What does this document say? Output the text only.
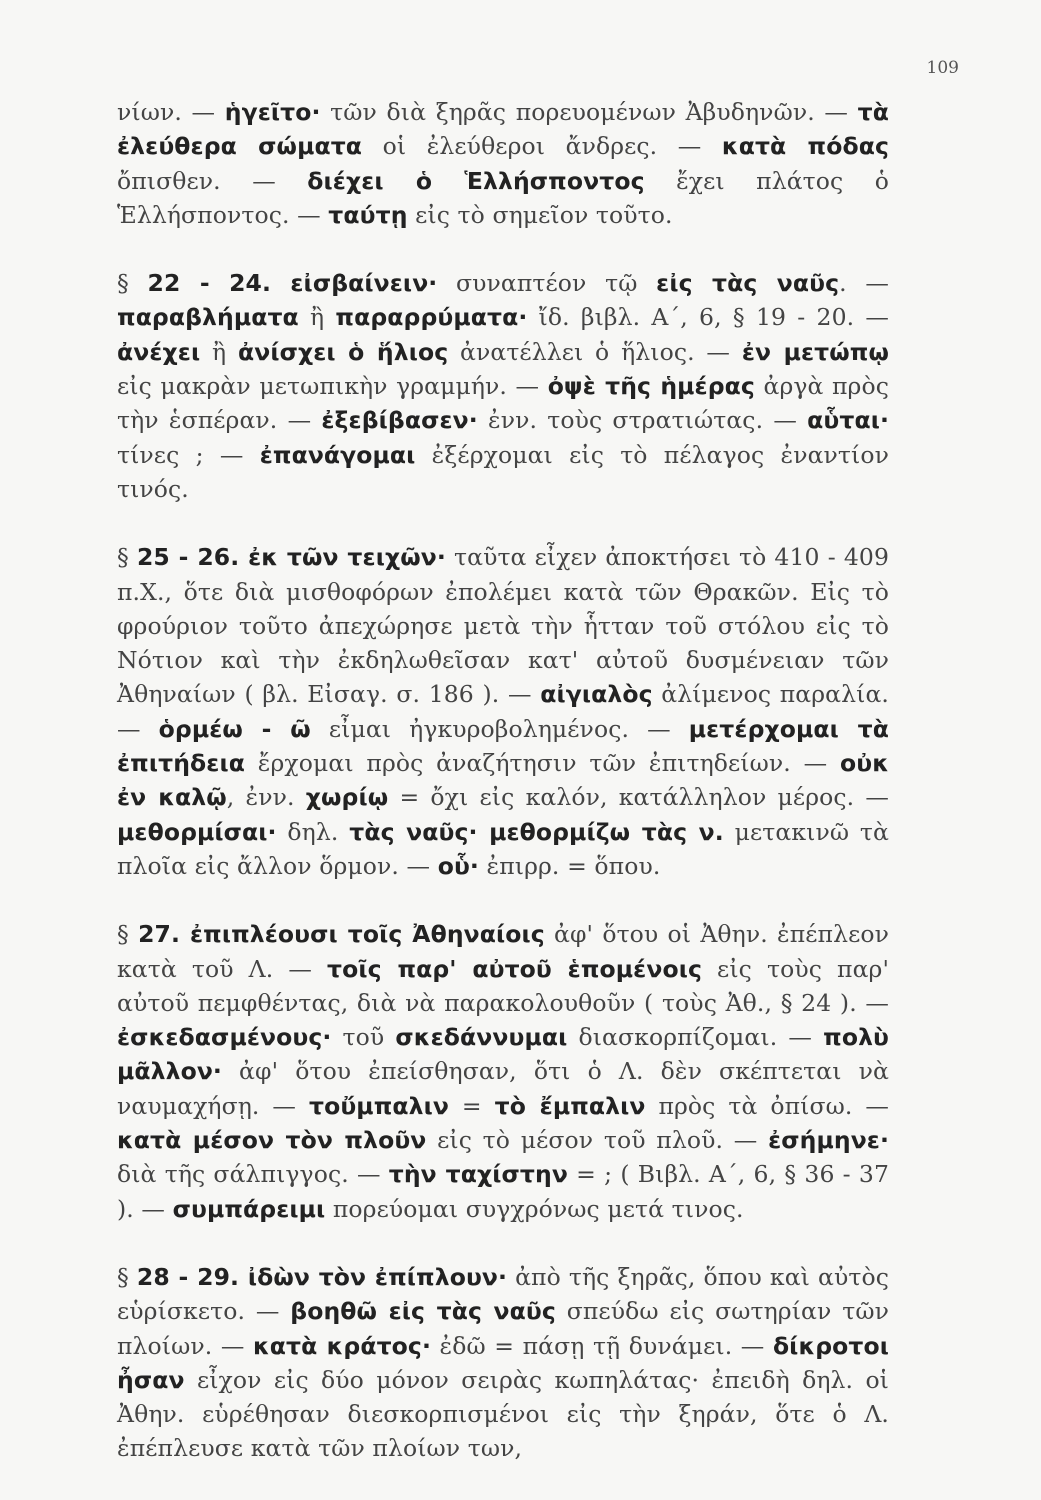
109

νίων. — ἡγεῖτο· τῶν διὰ ξηρᾶς πορευομένων Ἀβυδηνῶν. — τὰ ἐλεύθερα σώματα οἱ ἐλεύθεροι ἄνδρες. — κατὰ πόδας ὄπισθεν. — διέχει ὁ Ἑλλήσποντος ἔχει πλάτος ὁ Ἑλλήσποντος. — ταύτῃ εἰς τὸ σημεῖον τοῦτο.

§ 22 - 24. εἰσβαίνειν· συναπτέον τῷ εἰς τὰς ναῦς. — παραβλήματα ἢ παραρρύματα· ἴδ. βιβλ. Α΄, 6, § 19 - 20. — ἀνέχει ἢ ἀνίσχει ὁ ἥλιος ἀνατέλλει ὁ ἥλιος. — ἐν μετώπῳ εἰς μακρὰν μετωπικὴν γραμμήν. — ὀψὲ τῆς ἡμέρας ἀργὰ πρὸς τὴν ἑσπέραν. — ἐξεβίβασεν· ἐνν. τοὺς στρατιώτας. — αὗται· τίνες ; — ἐπανάγομαι ἐξέρχομαι εἰς τὸ πέλαγος ἐναντίον τινός.

§ 25 - 26. ἐκ τῶν τειχῶν· ταῦτα εἶχεν ἀποκτήσει τὸ 410 - 409 π.Χ., ὅτε διὰ μισθοφόρων ἐπολέμει κατὰ τῶν Θρακῶν. Εἰς τὸ φρούριον τοῦτο ἀπεχώρησε μετὰ τὴν ἧτταν τοῦ στόλου εἰς τὸ Νότιον καὶ τὴν ἐκδηλωθεῖσαν κατ' αὐτοῦ δυσμένειαν τῶν Ἀθηναίων ( βλ. Εἰσαγ. σ. 186 ). — αἰγιαλὸς ἀλίμενος παραλία. — ὁρμέω - ῶ εἶμαι ἠγκυροβολημένος. — μετέρχομαι τὰ ἐπιτήδεια ἔρχομαι πρὸς ἀναζήτησιν τῶν ἐπιτηδείων. — οὐκ ἐν καλῷ, ἐνν. χωρίῳ = ὄχι εἰς καλόν, κατάλληλον μέρος. — μεθορμίσαι· δηλ. τὰς ναῦς· μεθορμίζω τὰς ν. μετακινῶ τὰ πλοῖα εἰς ἄλλον ὅρμον. — οὗ· ἐπιρρ. = ὅπου.

§ 27. ἐπιπλέουσι τοῖς Ἀθηναίοις ἀφ' ὅτου οἱ Ἀθην. ἐπέπλεον κατὰ τοῦ Λ. — τοῖς παρ' αὐτοῦ ἑπομένοις εἰς τοὺς παρ' αὐτοῦ πεμφθέντας, διὰ νὰ παρακολουθοῦν ( τοὺς Ἀθ., § 24 ). — ἐσκεδασμένους· τοῦ σκεδάννυμαι διασκορπίζομαι. — πολὺ μᾶλλον· ἀφ' ὅτου ἐπείσθησαν, ὅτι ὁ Λ. δὲν σκέπτεται νὰ ναυμαχήσῃ. — τοὔμπαλιν = τὸ ἔμπαλιν πρὸς τὰ ὀπίσω. — κατὰ μέσον τὸν πλοῦν εἰς τὸ μέσον τοῦ πλοῦ. — ἐσήμηνε· διὰ τῆς σάλπιγγος. — τὴν ταχίστην = ; ( Βιβλ. Α΄, 6, § 36 - 37 ). — συμπάρειμι πορεύομαι συγχρόνως μετά τινος.

§ 28 - 29. ἰδὼν τὸν ἐπίπλουν· ἀπὸ τῆς ξηρᾶς, ὅπου καὶ αὐτὸς εὑρίσκετο. — βοηθῶ εἰς τὰς ναῦς σπεύδω εἰς σωτηρίαν τῶν πλοίων. — κατὰ κράτος· ἐδῶ = πάσῃ τῇ δυνάμει. — δίκροτοι ἦσαν εἶχον εἰς δύο μόνον σειρὰς κωπηλάτας· ἐπειδὴ δηλ. οἱ Ἀθην. εὑρέθησαν διεσκορπισμένοι εἰς τὴν ξηράν, ὅτε ὁ Λ. ἐπέπλευσε κατὰ τῶν πλοίων των,
